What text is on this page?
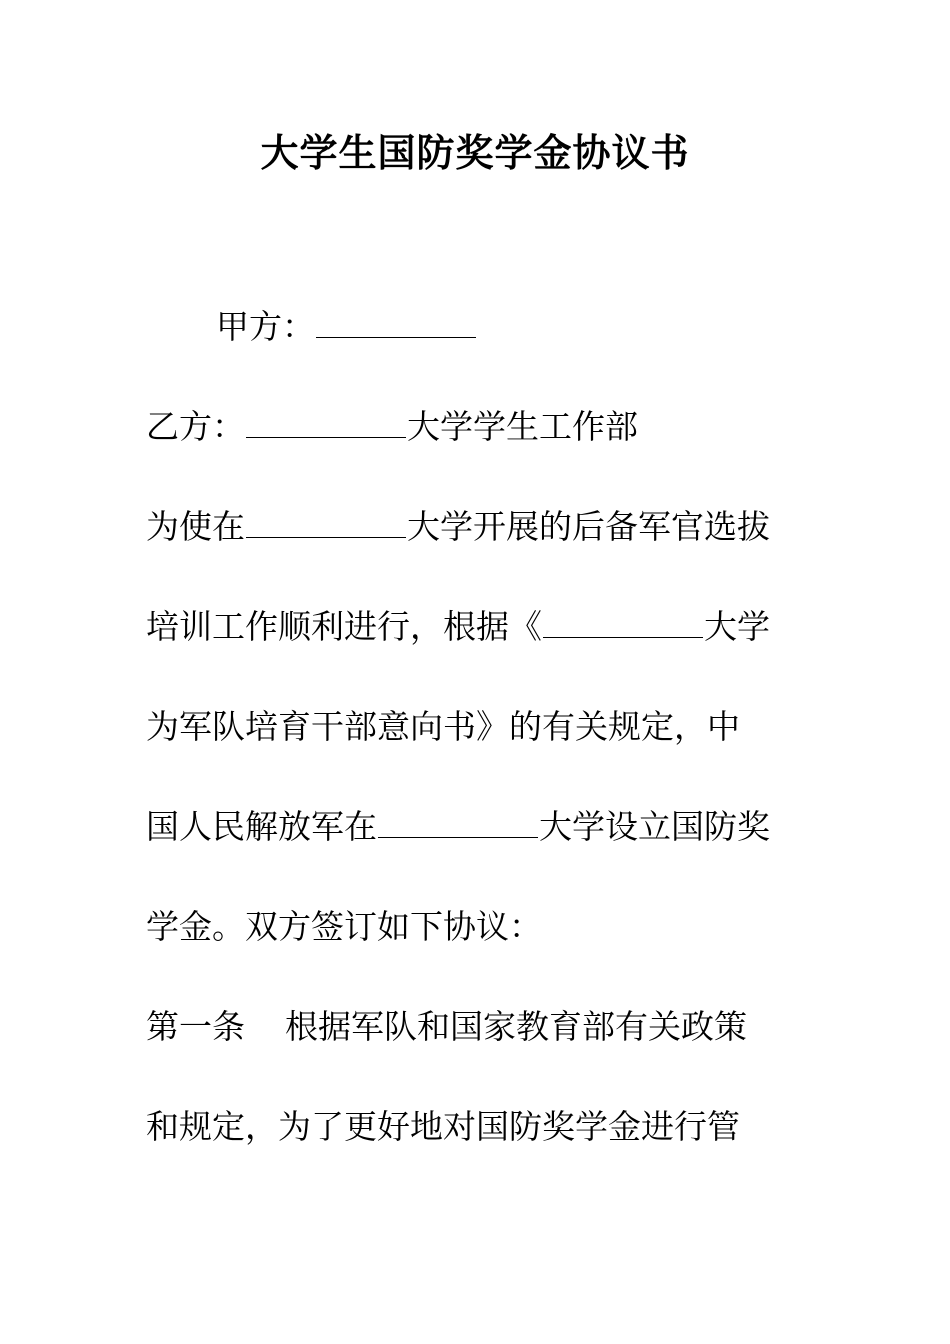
大学生国防奖学金协议书
甲方：
乙方：	大学学生工作部
为使在	大学开展的后备军官选拔
培训工作顺利进行，根据《	大学
为军队培育干部意向书》的有关规定，中
国人民解放军在	大学设立国防奖
学金。双方签订如下协议：
第一条 根据军队和国家教育部有关政策
和规定，为了更好地对国防奖学金进行管
